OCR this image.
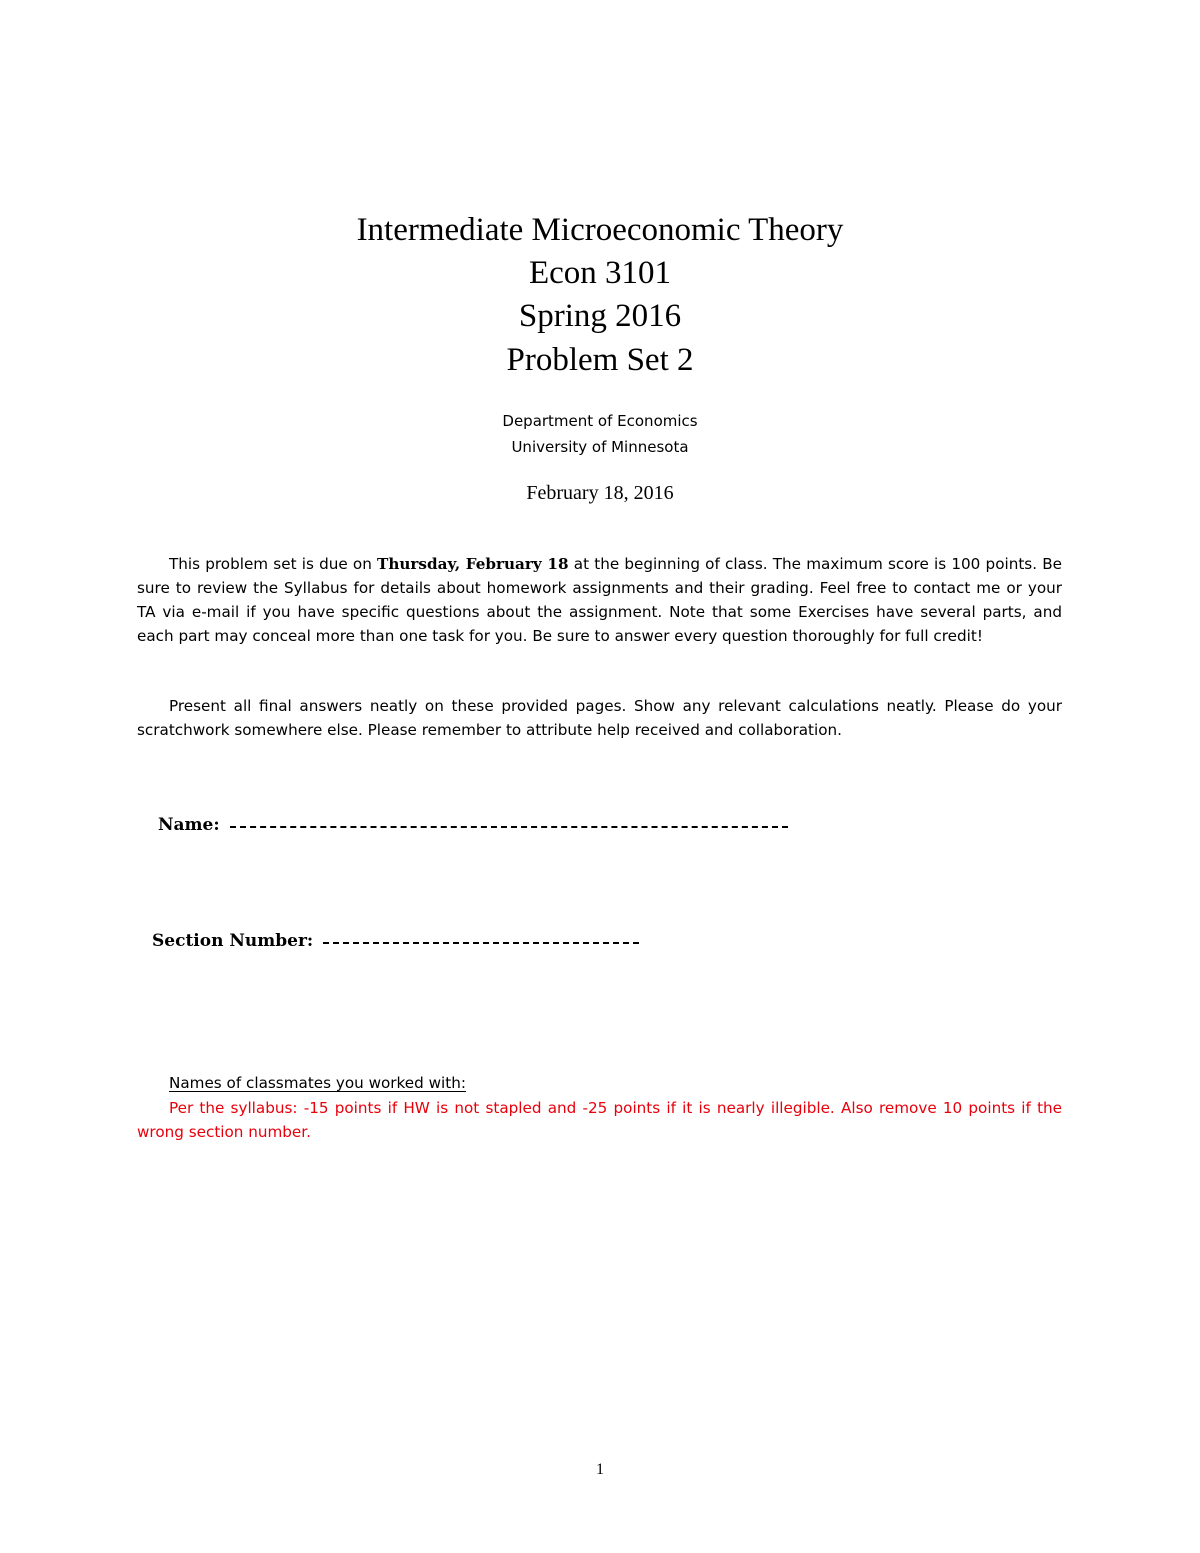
Intermediate Microeconomic Theory
Econ 3101
Spring 2016
Problem Set 2
Department of Economics
University of Minnesota
February 18, 2016

This problem set is due on Thursday, February 18 at the beginning of class. The maximum score is 100 points. Be sure to review the Syllabus for details about homework assignments and their grading. Feel free to contact me or your TA via e-mail if you have specific questions about the assignment. Note that some Exercises have several parts, and each part may conceal more than one task for you. Be sure to answer every question thoroughly for full credit!

Present all final answers neatly on these provided pages. Show any relevant calculations neatly. Please do your scratchwork somewhere else. Please remember to attribute help received and collaboration.

Name:
Section Number:
Names of classmates you worked with:

Per the syllabus: -15 points if HW is not stapled and -25 points if it is nearly illegible. Also remove 10 points if the wrong section number.

1
